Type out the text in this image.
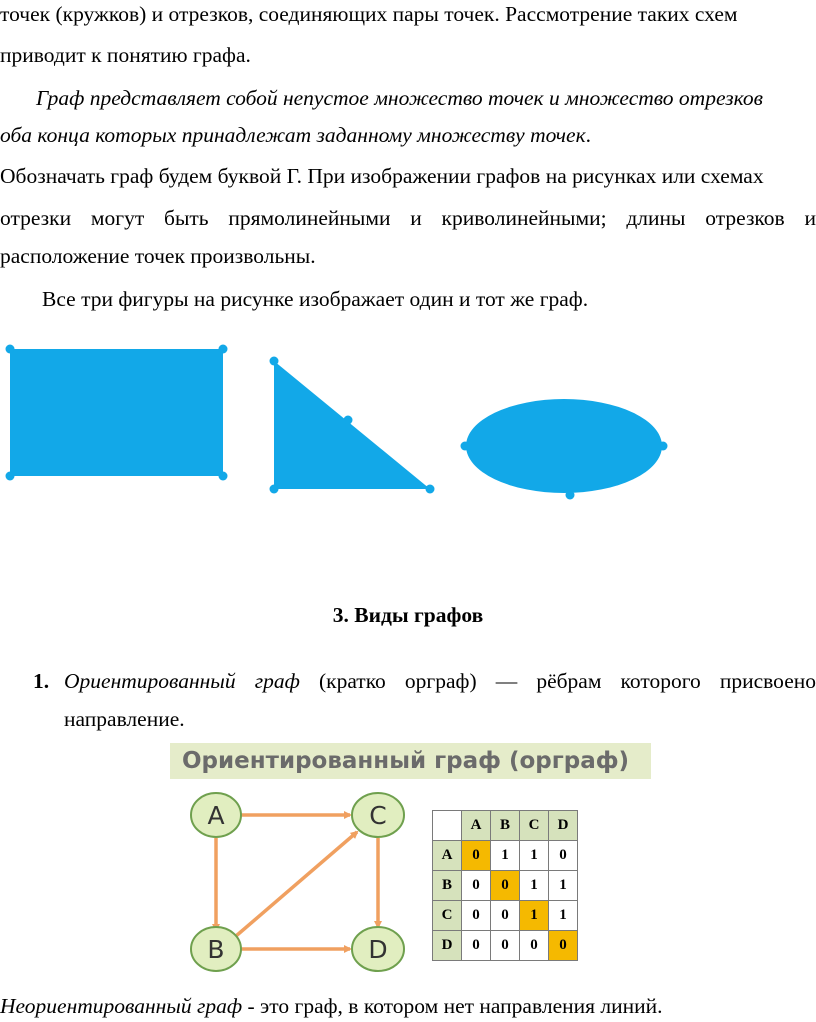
точек (кружков) и отрезков, соединяющих пары точек. Рассмотрение таких схем
приводит к понятию графа.
Граф представляет собой непустое множество точек и множество отрезков
оба конца которых принадлежат заданному множеству точек.
Обозначать граф будем буквой Г. При изображении графов на рисунках или схемах
отрезки могут быть прямолинейными и криволинейными; длины отрезков и
расположение точек произвольны.
Все три фигуры на рисунке изображает один и тот же граф.
3. Виды графов
1. Ориентированный граф (кратко орграф) — рёбрам которого присвоено
направление.
Ориентированный граф (орграф)
A	C
B	D
	A	B	C	D
A	0	1	1	0
B	0	0	1	1
C	0	0	1	1
D	0	0	0	0
Неориентированный граф - это граф, в котором нет направления линий.
